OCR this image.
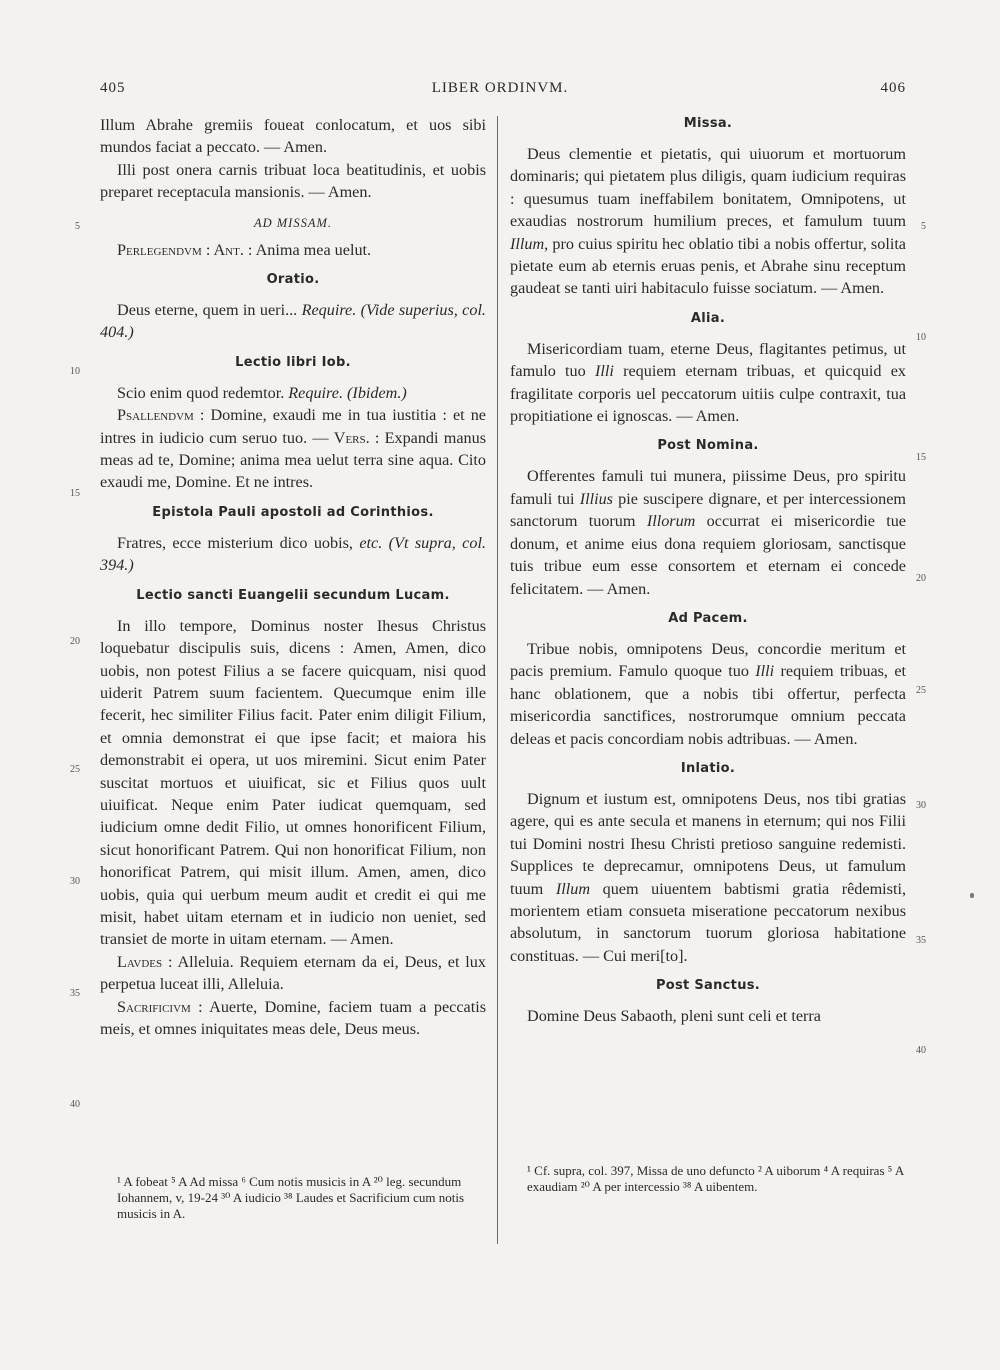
405	LIBER ORDINVM.	406

Illum Abrahe gremiis foueat conlocatum, et uos sibi mundos faciat a peccato. — Amen.

Illi post onera carnis tribuat loca beatitudinis, et uobis preparet receptacula mansionis. — Amen.

AD MISSAM.

Perlegendvm : Ant. : Anima mea uelut.

Oratio.

Deus eterne, quem in ueri... Require. (Vide superius, col. 404.)

Lectio libri Iob.

Scio enim quod redemtor. Require. (Ibidem.)

Psallendvm : Domine, exaudi me in tua iustitia : et ne intres in iudicio cum seruo tuo. — Vers. : Expandi manus meas ad te, Domine; anima mea uelut terra sine aqua. Cito exaudi me, Domine. Et ne intres.

Epistola Pauli apostoli ad Corinthios.

Fratres, ecce misterium dico uobis, etc. (Vt supra, col. 394.)

Lectio sancti Euangelii secundum Lucam.

In illo tempore, Dominus noster Ihesus Christus loquebatur discipulis suis, dicens : Amen, Amen, dico uobis, non potest Filius a se facere quicquam, nisi quod uiderit Patrem suum facientem. Quecumque enim ille fecerit, hec similiter Filius facit. Pater enim diligit Filium, et omnia demonstrat ei que ipse facit; et maiora his demonstrabit ei opera, ut uos miremini. Sicut enim Pater suscitat mortuos et uiuificat, sic et Filius quos uult uiuificat. Neque enim Pater iudicat quemquam, sed iudicium omne dedit Filio, ut omnes honorificent Filium, sicut honorificant Patrem. Qui non honorificat Filium, non honorificat Patrem, qui misit illum. Amen, amen, dico uobis, quia qui uerbum meum audit et credit ei qui me misit, habet uitam eternam et in iudicio non ueniet, sed transiet de morte in uitam eternam. — Amen.

Lavdes : Alleluia. Requiem eternam da ei, Deus, et lux perpetua luceat illi, Alleluia.

Sacrificivm : Auerte, Domine, faciem tuam a peccatis meis, et omnes iniquitates meas dele, Deus meus.

¹ A fobeat ⁵ A Ad missa ⁶ Cum notis musicis in A ²⁰ leg. secundum Iohannem, v, 19-24 ³⁰ A iudicio ³⁸ Laudes et Sacrificium cum notis musicis in A.
Missa.

Deus clementie et pietatis, qui uiuorum et mortuorum dominaris; qui pietatem plus diligis, quam iudicium requiras : quesumus tuam ineffabilem bonitatem, Omnipotens, ut exaudias nostrorum humilium preces, et famulum tuum Illum, pro cuius spiritu hec oblatio tibi a nobis offertur, solita pietate eum ab eternis eruas penis, et Abrahe sinu receptum gaudeat se tanti uiri habitaculo fuisse sociatum. — Amen.

Alia.

Misericordiam tuam, eterne Deus, flagitantes petimus, ut famulo tuo Illi requiem eternam tribuas, et quicquid ex fragilitate corporis uel peccatorum uitiis culpe contraxit, tua propitiatione ei ignoscas. — Amen.

Post Nomina.

Offerentes famuli tui munera, piissime Deus, pro spiritu famuli tui Illius pie suscipere dignare, et per intercessionem sanctorum tuorum Illorum occurrat ei misericordie tue donum, et anime eius dona requiem gloriosam, sanctisque tuis tribue eum esse consortem et eternam ei concede felicitatem. — Amen.

Ad Pacem.

Tribue nobis, omnipotens Deus, concordie meritum et pacis premium. Famulo quoque tuo Illi requiem tribuas, et hanc oblationem, que a nobis tibi offertur, perfecta misericordia sanctifices, nostrorumque omnium peccata deleas et pacis concordiam nobis adtribuas. — Amen.

Inlatio.

Dignum et iustum est, omnipotens Deus, nos tibi gratias agere, qui es ante secula et manens in eternum; qui nos Filii tui Domini nostri Ihesu Christi pretioso sanguine redemisti. Supplices te deprecamur, omnipotens Deus, ut famulum tuum Illum quem uiuentem babtismi gratia rêdemisti, morientem etiam consueta miseratione peccatorum nexibus absolutum, in sanctorum tuorum gloriosa habitatione constituas. — Cui meri[to].

Post Sanctus.

Domine Deus Sabaoth, pleni sunt celi et terra

¹ Cf. supra, col. 397, Missa de uno defuncto ² A uiborum ⁴ A requiras ⁵ A exaudiam ²⁰ A per intercessio ³⁸ A uibentem.
5
10
15
20
25
30
35
40
5
10
15
20
25
30
35
40
